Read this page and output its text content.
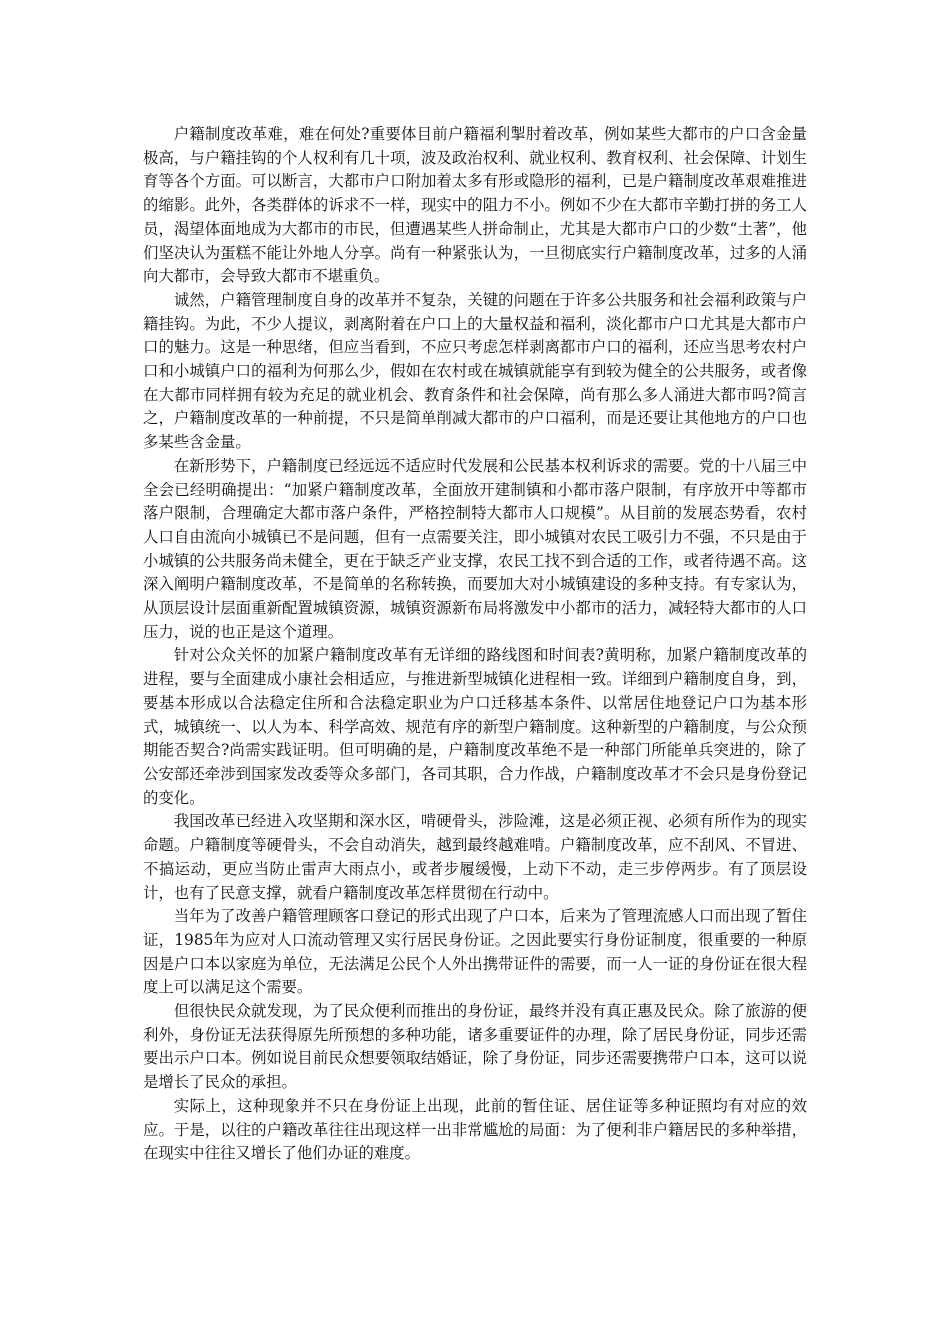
户籍制度改革难，难在何处?重要体目前户籍福利掣肘着改革，例如某些大都市的户口含金量极高，与户籍挂钩的个人权利有几十项，波及政治权利、就业权利、教育权利、社会保障、计划生育等各个方面。可以断言，大都市户口附加着太多有形或隐形的福利，已是户籍制度改革艰难推进的缩影。此外，各类群体的诉求不一样，现实中的阻力不小。例如不少在大都市辛勤打拼的务工人员，渴望体面地成为大都市的市民，但遭遇某些人拼命制止，尤其是大都市户口的少数“土著”，他们坚决认为蛋糕不能让外地人分享。尚有一种紧张认为，一旦彻底实行户籍制度改革，过多的人涌向大都市，会导致大都市不堪重负。

诚然，户籍管理制度自身的改革并不复杂，关键的问题在于许多公共服务和社会福利政策与户籍挂钩。为此，不少人提议，剥离附着在户口上的大量权益和福利，淡化都市户口尤其是大都市户口的魅力。这是一种思绪，但应当看到，不应只考虑怎样剥离都市户口的福利，还应当思考农村户口和小城镇户口的福利为何那么少，假如在农村或在城镇就能享有到较为健全的公共服务，或者像在大都市同样拥有较为充足的就业机会、教育条件和社会保障，尚有那么多人涌进大都市吗?简言之，户籍制度改革的一种前提，不只是简单削减大都市的户口福利，而是还要让其他地方的户口也多某些含金量。

在新形势下，户籍制度已经远远不适应时代发展和公民基本权利诉求的需要。党的十八届三中全会已经明确提出：“加紧户籍制度改革，全面放开建制镇和小都市落户限制，有序放开中等都市落户限制，合理确定大都市落户条件，严格控制特大都市人口规模”。从目前的发展态势看，农村人口自由流向小城镇已不是问题，但有一点需要关注，即小城镇对农民工吸引力不强，不只是由于小城镇的公共服务尚未健全，更在于缺乏产业支撑，农民工找不到合适的工作，或者待遇不高。这深入阐明户籍制度改革，不是简单的名称转换，而要加大对小城镇建设的多种支持。有专家认为，从顶层设计层面重新配置城镇资源，城镇资源新布局将激发中小都市的活力，减轻特大都市的人口压力，说的也正是这个道理。

针对公众关怀的加紧户籍制度改革有无详细的路线图和时间表?黄明称，加紧户籍制度改革的进程，要与全面建成小康社会相适应，与推进新型城镇化进程相一致。详细到户籍制度自身，到，要基本形成以合法稳定住所和合法稳定职业为户口迁移基本条件、以常居住地登记户口为基本形式，城镇统一、以人为本、科学高效、规范有序的新型户籍制度。这种新型的户籍制度，与公众预期能否契合?尚需实践证明。但可明确的是，户籍制度改革绝不是一种部门所能单兵突进的，除了公安部还牵涉到国家发改委等众多部门，各司其职，合力作战，户籍制度改革才不会只是身份登记的变化。

我国改革已经进入攻坚期和深水区，啃硬骨头，涉险滩，这是必须正视、必须有所作为的现实命题。户籍制度等硬骨头，不会自动消失，越到最终越难啃。户籍制度改革，应不刮风、不冒进、不搞运动，更应当防止雷声大雨点小，或者步履缓慢，上动下不动，走三步停两步。有了顶层设计，也有了民意支撑，就看户籍制度改革怎样贯彻在行动中。

当年为了改善户籍管理顾客口登记的形式出现了户口本，后来为了管理流感人口而出现了暂住证，1985年为应对人口流动管理又实行居民身份证。之因此要实行身份证制度，很重要的一种原因是户口本以家庭为单位，无法满足公民个人外出携带证件的需要，而一人一证的身份证在很大程度上可以满足这个需要。

但很快民众就发现，为了民众便利而推出的身份证，最终并没有真正惠及民众。除了旅游的便利外，身份证无法获得原先所预想的多种功能，诸多重要证件的办理，除了居民身份证，同步还需要出示户口本。例如说目前民众想要领取结婚证，除了身份证，同步还需要携带户口本，这可以说是增长了民众的承担。

实际上，这种现象并不只在身份证上出现，此前的暂住证、居住证等多种证照均有对应的效应。于是，以往的户籍改革往往出现这样一出非常尴尬的局面：为了便利非户籍居民的多种举措，在现实中往往又增长了他们办证的难度。
